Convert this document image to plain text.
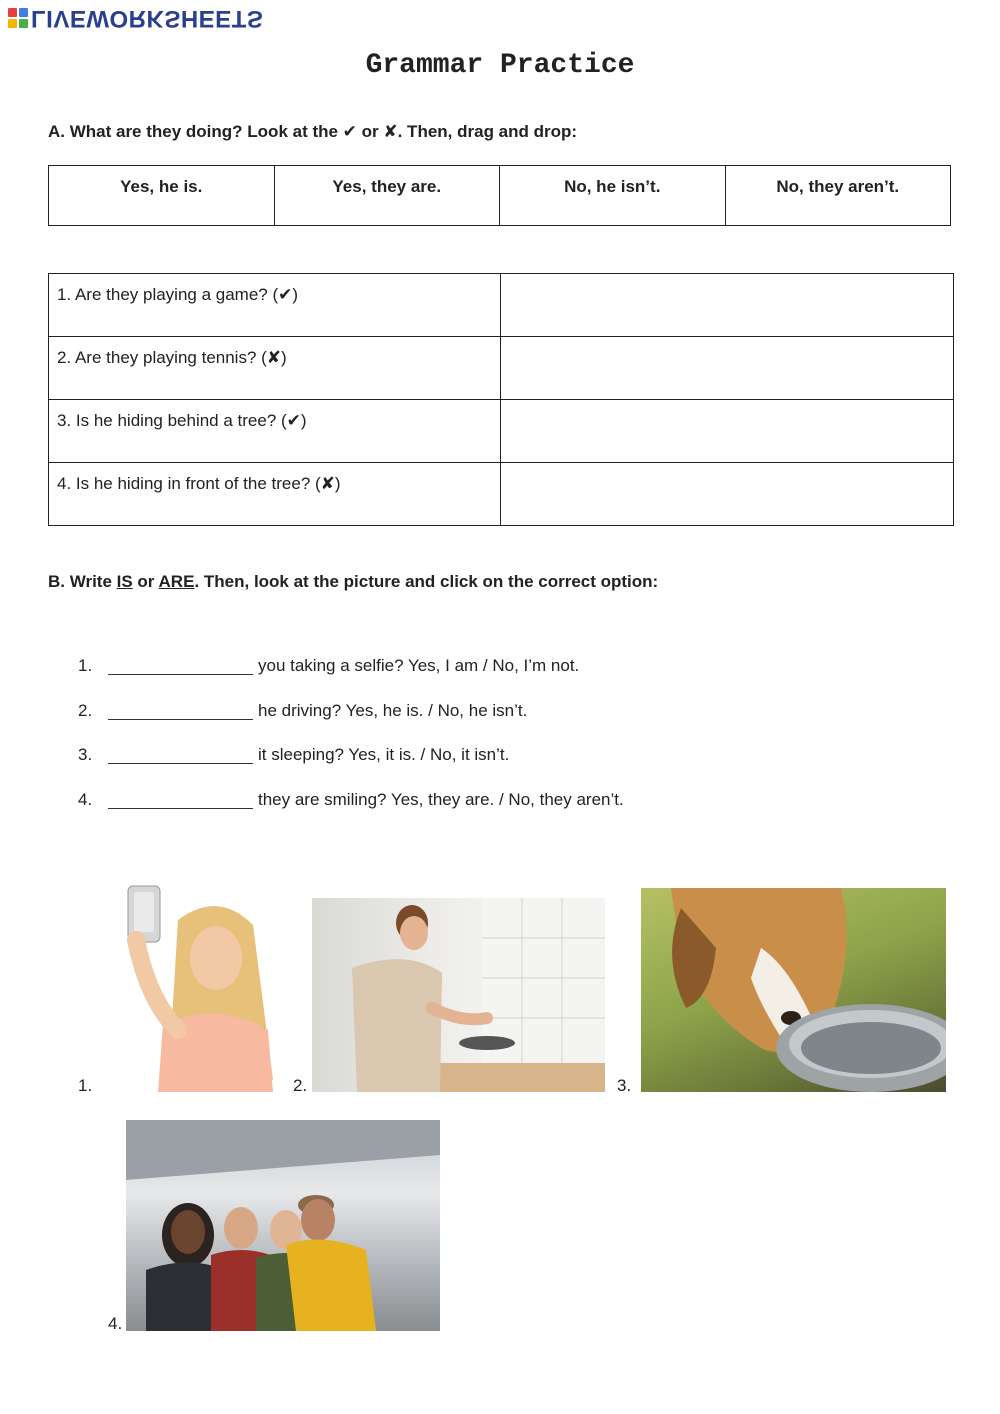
LIVEWORKSHEETS
Grammar Practice
A. What are they doing? Look at the ✔ or ✘. Then, drag and drop:
Yes, he is.	Yes, they are.	No, he isn’t.	No, they aren’t.
1. Are they playing a game? (✔)	
2. Are they playing tennis? (✘)	
3. Is he hiding behind a tree? (✔)	
4. Is he hiding in front of the tree? (✘)	
B. Write IS or ARE. Then, look at the picture and click on the correct option:
1.	you taking a selfie? Yes, I am / No, I’m not.
2.	he driving? Yes, he is. / No, he isn’t.
3.	it sleeping? Yes, it is. / No, it isn’t.
4.	they are smiling? Yes, they are. / No, they aren’t.
1.	2.	3.
4.
